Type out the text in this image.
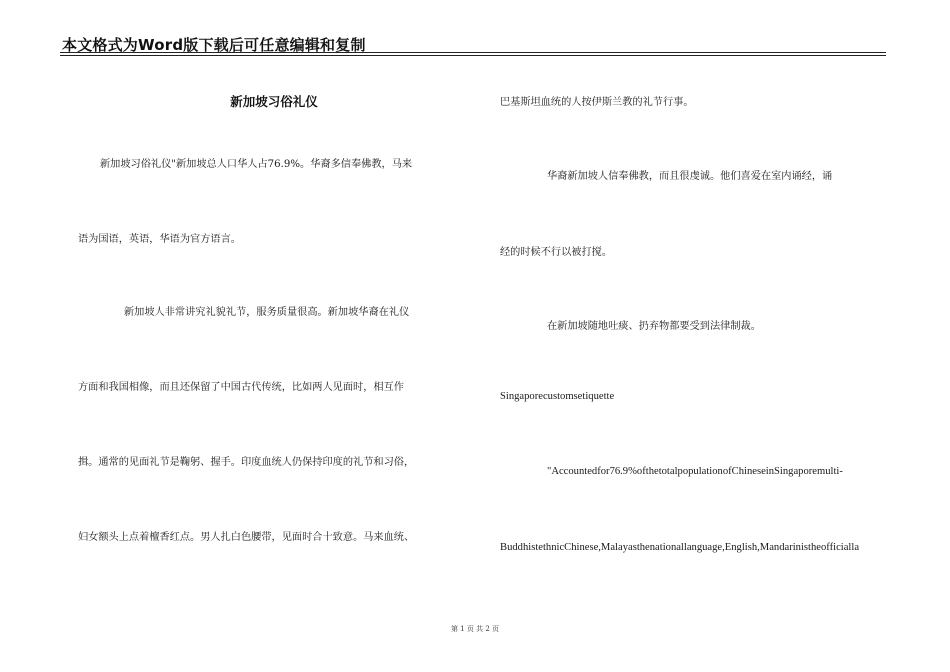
本文格式为Word版下载后可任意编辑和复制
新加坡习俗礼仪
新加坡习俗礼仪"新加坡总人口华人占76.9%。华裔多信奉佛教，马来
语为国语，英语，华语为官方语言。
新加坡人非常讲究礼貌礼节，服务质量很高。新加坡华裔在礼仪
方面和我国相像，而且还保留了中国古代传统，比如两人见面时，相互作
揖。通常的见面礼节是鞠躬、握手。印度血统人仍保持印度的礼节和习俗，
妇女额头上点着檀香红点。男人扎白色腰带，见面时合十致意。马来血统、
巴基斯坦血统的人按伊斯兰教的礼节行事。
华裔新加坡人信奉佛教，而且很虔诚。他们喜爱在室内诵经，诵
经的时候不行以被打搅。
在新加坡随地吐痰、扔弃物都要受到法律制裁。
Singaporecustomsetiquette
"Accountedfor76.9%ofthetotalpopulationofChineseinSingaporemulti-
BuddhistethnicChinese,Malayasthenationallanguage,English,Mandarinistheofficialla
第 1 页 共 2 页
